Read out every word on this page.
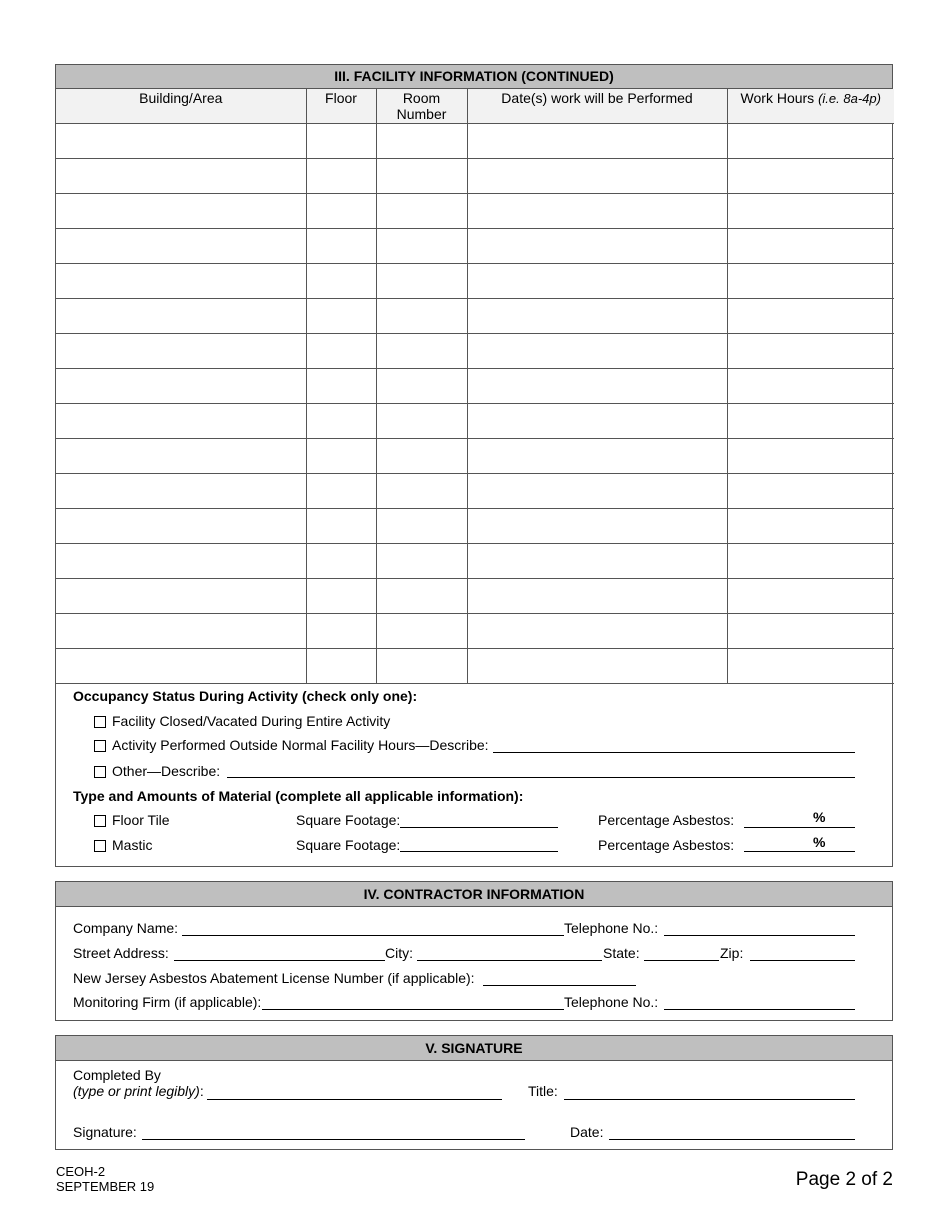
III. FACILITY INFORMATION (CONTINUED)
Building/Area	Floor	Room Number	Date(s) work will be Performed	Work Hours (i.e. 8a-4p)

Occupancy Status During Activity (check only one):
Facility Closed/Vacated During Entire Activity
Activity Performed Outside Normal Facility Hours—Describe:
Other—Describe:
Type and Amounts of Material (complete all applicable information):
Floor Tile	Square Footage:	Percentage Asbestos:	%
Mastic	Square Footage:	Percentage Asbestos:	%
IV. CONTRACTOR INFORMATION
Company Name:	Telephone No.:
Street Address:	City:	State:	Zip:
New Jersey Asbestos Abatement License Number (if applicable):
Monitoring Firm (if applicable):	Telephone No.:
V. SIGNATURE
Completed By
(type or print legibly):	Title:
Signature:	Date:
CEOH-2
SEPTEMBER 19	Page 2 of 2
